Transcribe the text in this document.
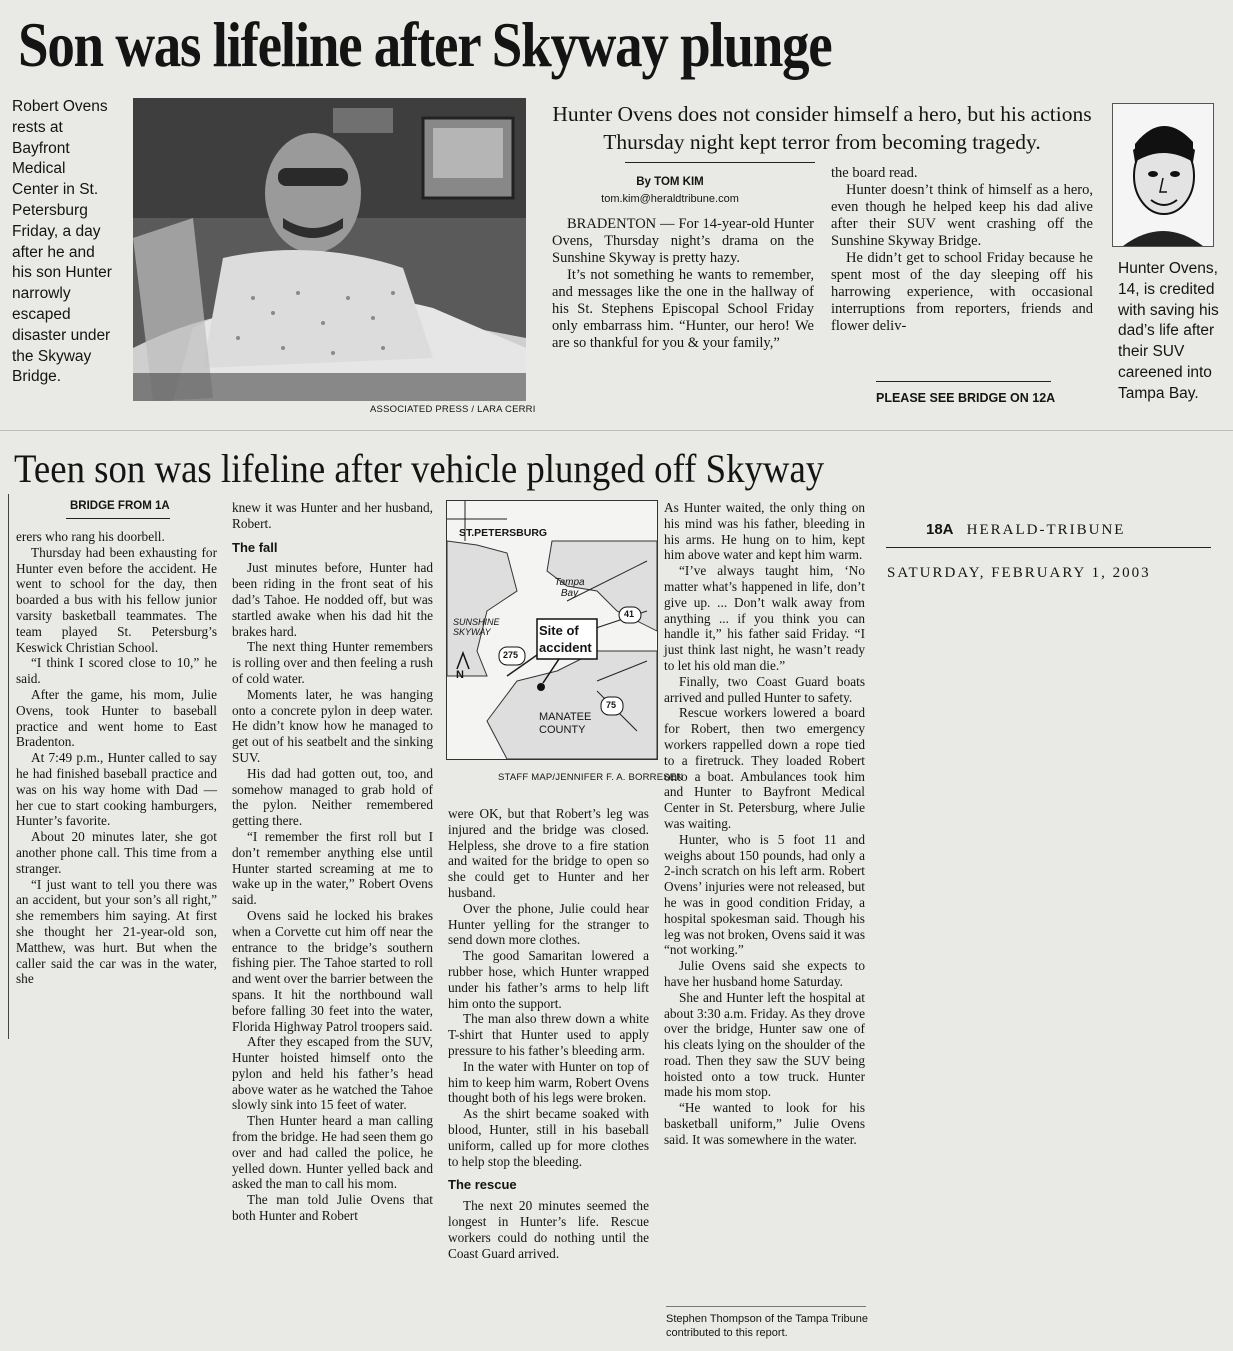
Son was lifeline after Skyway plunge
Robert Ovens
rests at
Bayfront
Medical
Center in St.
Petersburg
Friday, a day
after he and
his son Hunter
narrowly
escaped
disaster under
the Skyway
Bridge.
ASSOCIATED PRESS / LARA CERRI
Hunter Ovens does not consider himself a hero, but his actions Thursday night kept terror from becoming tragedy.
By TOM KIM
tom.kim@heraldtribune.com

BRADENTON — For 14-year-old Hunter Ovens, Thursday night’s drama on the Sunshine Skyway is pretty hazy.

It’s not something he wants to remember, and messages like the one in the hallway of his St. Stephens Episcopal School Friday only embarrass him. “Hunter, our hero! We are so thankful for you & your family,”

the board read.

Hunter doesn’t think of himself as a hero, even though he helped keep his dad alive after their SUV went crashing off the Sunshine Skyway Bridge.

He didn’t get to school Friday because he spent most of the day sleeping off his harrowing experience, with occasional interruptions from reporters, friends and flower deliv-

PLEASE SEE BRIDGE ON 12A
Hunter Ovens,
14, is credited
with saving his
dad’s life after
their SUV
careened into
Tampa Bay.
Teen son was lifeline after vehicle plunged off Skyway
BRIDGE FROM 1A

erers who rang his doorbell.

Thursday had been exhausting for Hunter even before the accident. He went to school for the day, then boarded a bus with his fellow junior varsity basketball teammates. The team played St. Petersburg’s Keswick Christian School.

“I think I scored close to 10,” he said.

After the game, his mom, Julie Ovens, took Hunter to baseball practice and went home to East Bradenton.

At 7:49 p.m., Hunter called to say he had finished baseball practice and was on his way home with Dad — her cue to start cooking hamburgers, Hunter’s favorite.

About 20 minutes later, she got another phone call. This time from a stranger.

“I just want to tell you there was an accident, but your son’s all right,” she remembers him saying. At first she thought her 21-year-old son, Matthew, was hurt. But when the caller said the car was in the water, she

knew it was Hunter and her husband, Robert.

The fall

Just minutes before, Hunter had been riding in the front seat of his dad’s Tahoe. He nodded off, but was startled awake when his dad hit the brakes hard.

The next thing Hunter remembers is rolling over and then feeling a rush of cold water.

Moments later, he was hanging onto a concrete pylon in deep water. He didn’t know how he managed to get out of his seatbelt and the sinking SUV.

His dad had gotten out, too, and somehow managed to grab hold of the pylon. Neither remembered getting there.

“I remember the first roll but I don’t remember anything else until Hunter started screaming at me to wake up in the water,” Robert Ovens said.

Ovens said he locked his brakes when a Corvette cut him off near the entrance to the bridge’s southern fishing pier. The Tahoe started to roll and went over the barrier between the spans. It hit the northbound wall before falling 30 feet into the water, Florida Highway Patrol troopers said.

After they escaped from the SUV, Hunter hoisted himself onto the pylon and held his father’s head above water as he watched the Tahoe slowly sink into 15 feet of water.

Then Hunter heard a man calling from the bridge. He had seen them go over and had called the police, he yelled down. Hunter yelled back and asked the man to call his mom.

The man told Julie Ovens that both Hunter and Robert

ST.PETERSBURG
Tampa Bay
SUNSHINE SKYWAY	Site of accident
MANATEE COUNTY
41
275
75
N
STAFF MAP/JENNIFER F. A. BORRESEN

were OK, but that Robert’s leg was injured and the bridge was closed. Helpless, she drove to a fire station and waited for the bridge to open so she could get to Hunter and her husband.

Over the phone, Julie could hear Hunter yelling for the stranger to send down more clothes.

The good Samaritan lowered a rubber hose, which Hunter wrapped under his father’s arms to help lift him onto the support.

The man also threw down a white T-shirt that Hunter used to apply pressure to his father’s bleeding arm.

In the water with Hunter on top of him to keep him warm, Robert Ovens thought both of his legs were broken.

As the shirt became soaked with blood, Hunter, still in his baseball uniform, called up for more clothes to help stop the bleeding.

The rescue

The next 20 minutes seemed the longest in Hunter’s life. Rescue workers could do nothing until the Coast Guard arrived.

As Hunter waited, the only thing on his mind was his father, bleeding in his arms. He hung on to him, kept him above water and kept him warm.

“I’ve always taught him, ‘No matter what’s happened in life, don’t give up. ... Don’t walk away from anything ... if you think you can handle it,” his father said Friday. “I just think last night, he wasn’t ready to let his old man die.”

Finally, two Coast Guard boats arrived and pulled Hunter to safety.

Rescue workers lowered a board for Robert, then two emergency workers rappelled down a rope tied to a firetruck. They loaded Robert onto a boat. Ambulances took him and Hunter to Bayfront Medical Center in St. Petersburg, where Julie was waiting.

Hunter, who is 5 foot 11 and weighs about 150 pounds, had only a 2-inch scratch on his left arm. Robert Ovens’ injuries were not released, but he was in good condition Friday, a hospital spokesman said. Though his leg was not broken, Ovens said it was “not working.”

Julie Ovens said she expects to have her husband home Saturday.

She and Hunter left the hospital at about 3:30 a.m. Friday. As they drove over the bridge, Hunter saw one of his cleats lying on the shoulder of the road. Then they saw the SUV being hoisted onto a tow truck. Hunter made his mom stop.

“He wanted to look for his basketball uniform,” Julie Ovens said. It was somewhere in the water.

Stephen Thompson of the Tampa Tribune contributed to this report.
18A HERALD-TRIBUNE
SATURDAY, FEBRUARY 1, 2003
